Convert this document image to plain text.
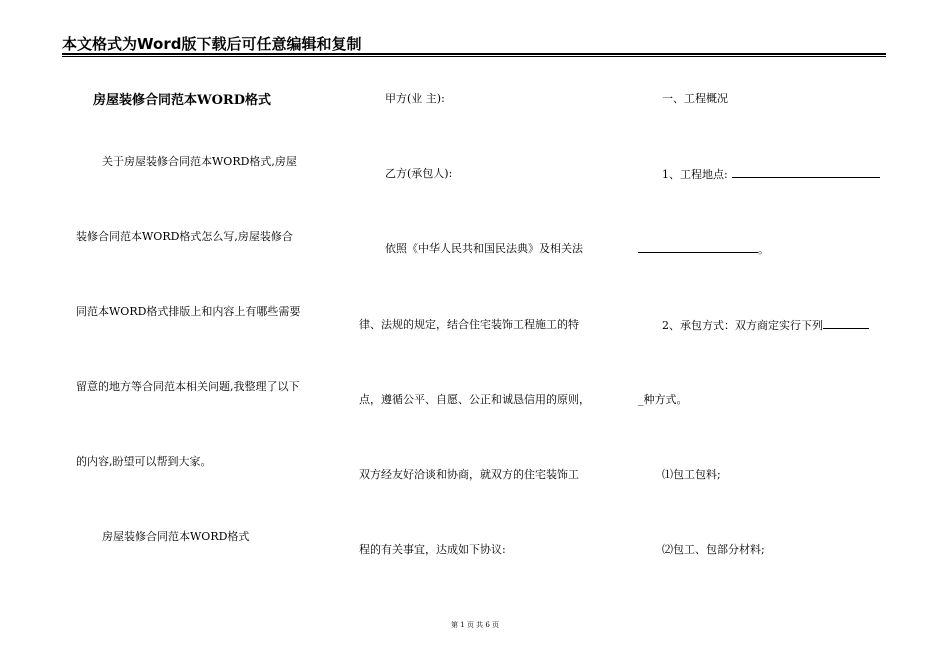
本文格式为Word版下载后可任意编辑和复制
房屋装修合同范本WORD格式
关于房屋装修合同范本WORD格式,房屋
装修合同范本WORD格式怎么写,房屋装修合
同范本WORD格式排版上和内容上有哪些需要
留意的地方等合同范本相关问题,我整理了以下
的内容,盼望可以帮到大家。
房屋装修合同范本WORD格式
甲方(业 主):
乙方(承包人):
依照《中华人民共和国民法典》及相关法
律、法规的规定，结合住宅装饰工程施工的特
点，遵循公平、自愿、公正和诚恳信用的原则，
双方经友好洽谈和协商，就双方的住宅装饰工
程的有关事宜，达成如下协议:
一、工程概况
1、工程地点:
。
2、承包方式：双方商定实行下列
_种方式。
⑴包工包料;
⑵包工、包部分材料;
第 1 页 共 6 页
